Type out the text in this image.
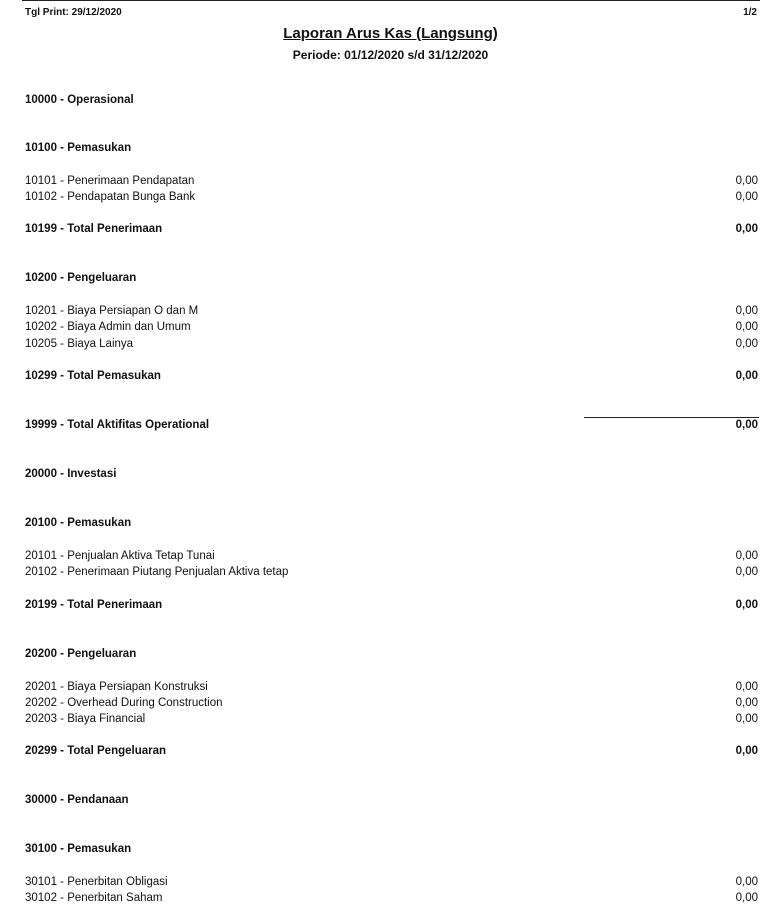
Tgl Print: 29/12/2020	1/2
Laporan Arus Kas (Langsung)
Periode: 01/12/2020 s/d 31/12/2020
10000 - Operasional
10100 - Pemasukan
10101 - Penerimaan Pendapatan	0,00
10102 - Pendapatan Bunga Bank	0,00
10199 - Total Penerimaan	0,00
10200 - Pengeluaran
10201 - Biaya Persiapan O dan M	0,00
10202 - Biaya Admin dan Umum	0,00
10205 - Biaya Lainya	0,00
10299 - Total Pemasukan	0,00
19999 - Total Aktifitas Operational	0,00
20000 - Investasi
20100 - Pemasukan
20101 - Penjualan Aktiva Tetap Tunai	0,00
20102 - Penerimaan Piutang Penjualan Aktiva tetap	0,00
20199 - Total Penerimaan	0,00
20200 - Pengeluaran
20201 - Biaya Persiapan Konstruksi	0,00
20202 - Overhead During Construction	0,00
20203 - Biaya Financial	0,00
20299 - Total Pengeluaran	0,00
30000 - Pendanaan
30100 - Pemasukan
30101 - Penerbitan Obligasi	0,00
30102 - Penerbitan Saham	0,00
